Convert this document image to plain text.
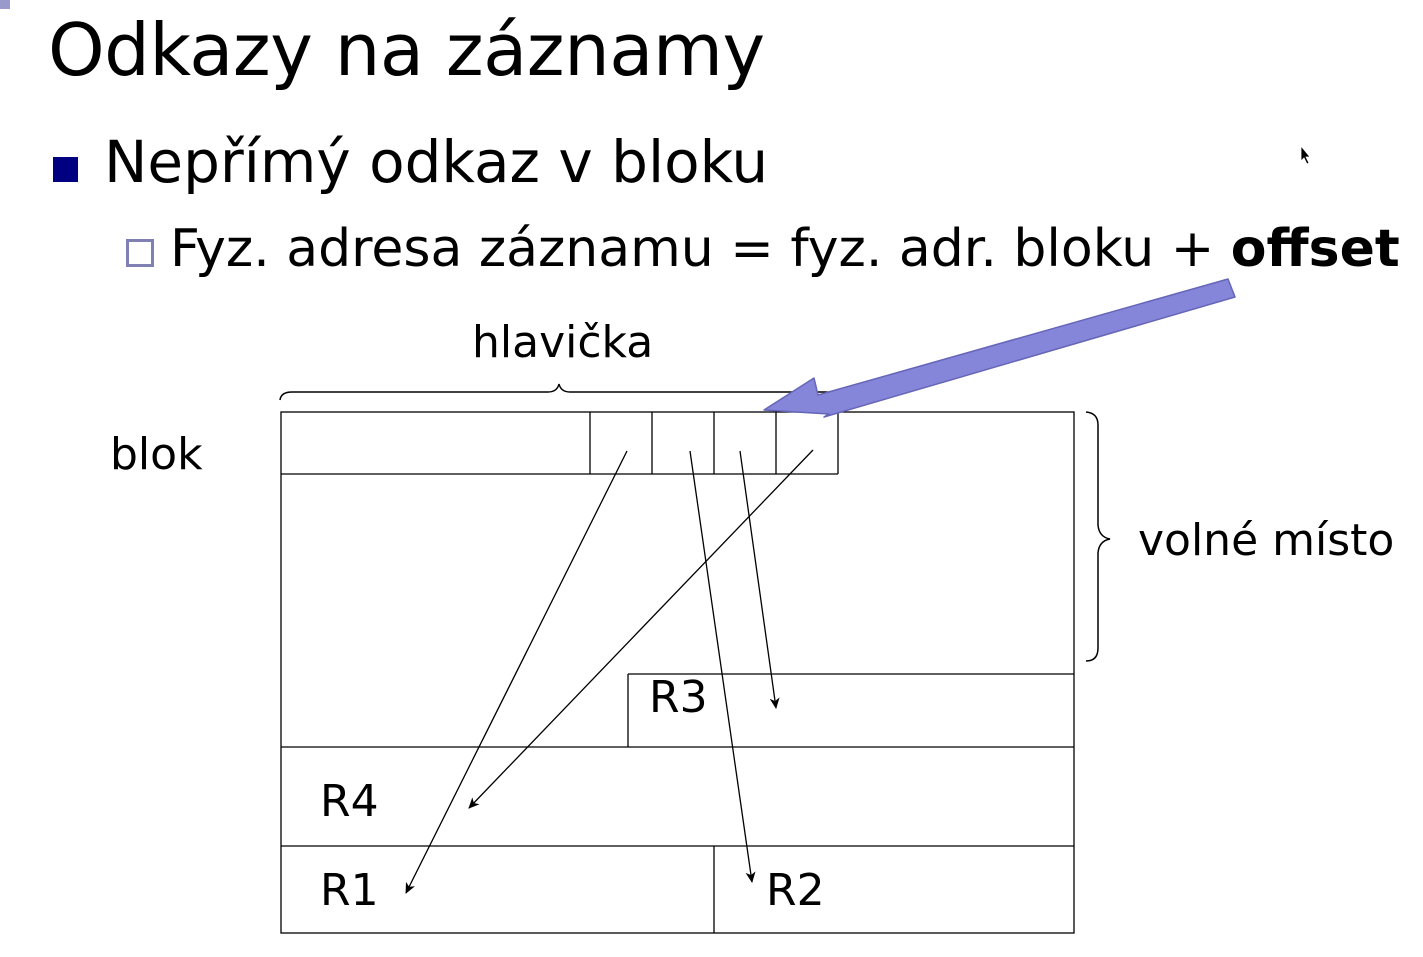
Odkazy na záznamy
Nepřímý odkaz v bloku
Fyz. adresa záznamu = fyz. adr. bloku + offset
hlavička
blok
volné místo
R3
R4
R1	R2
